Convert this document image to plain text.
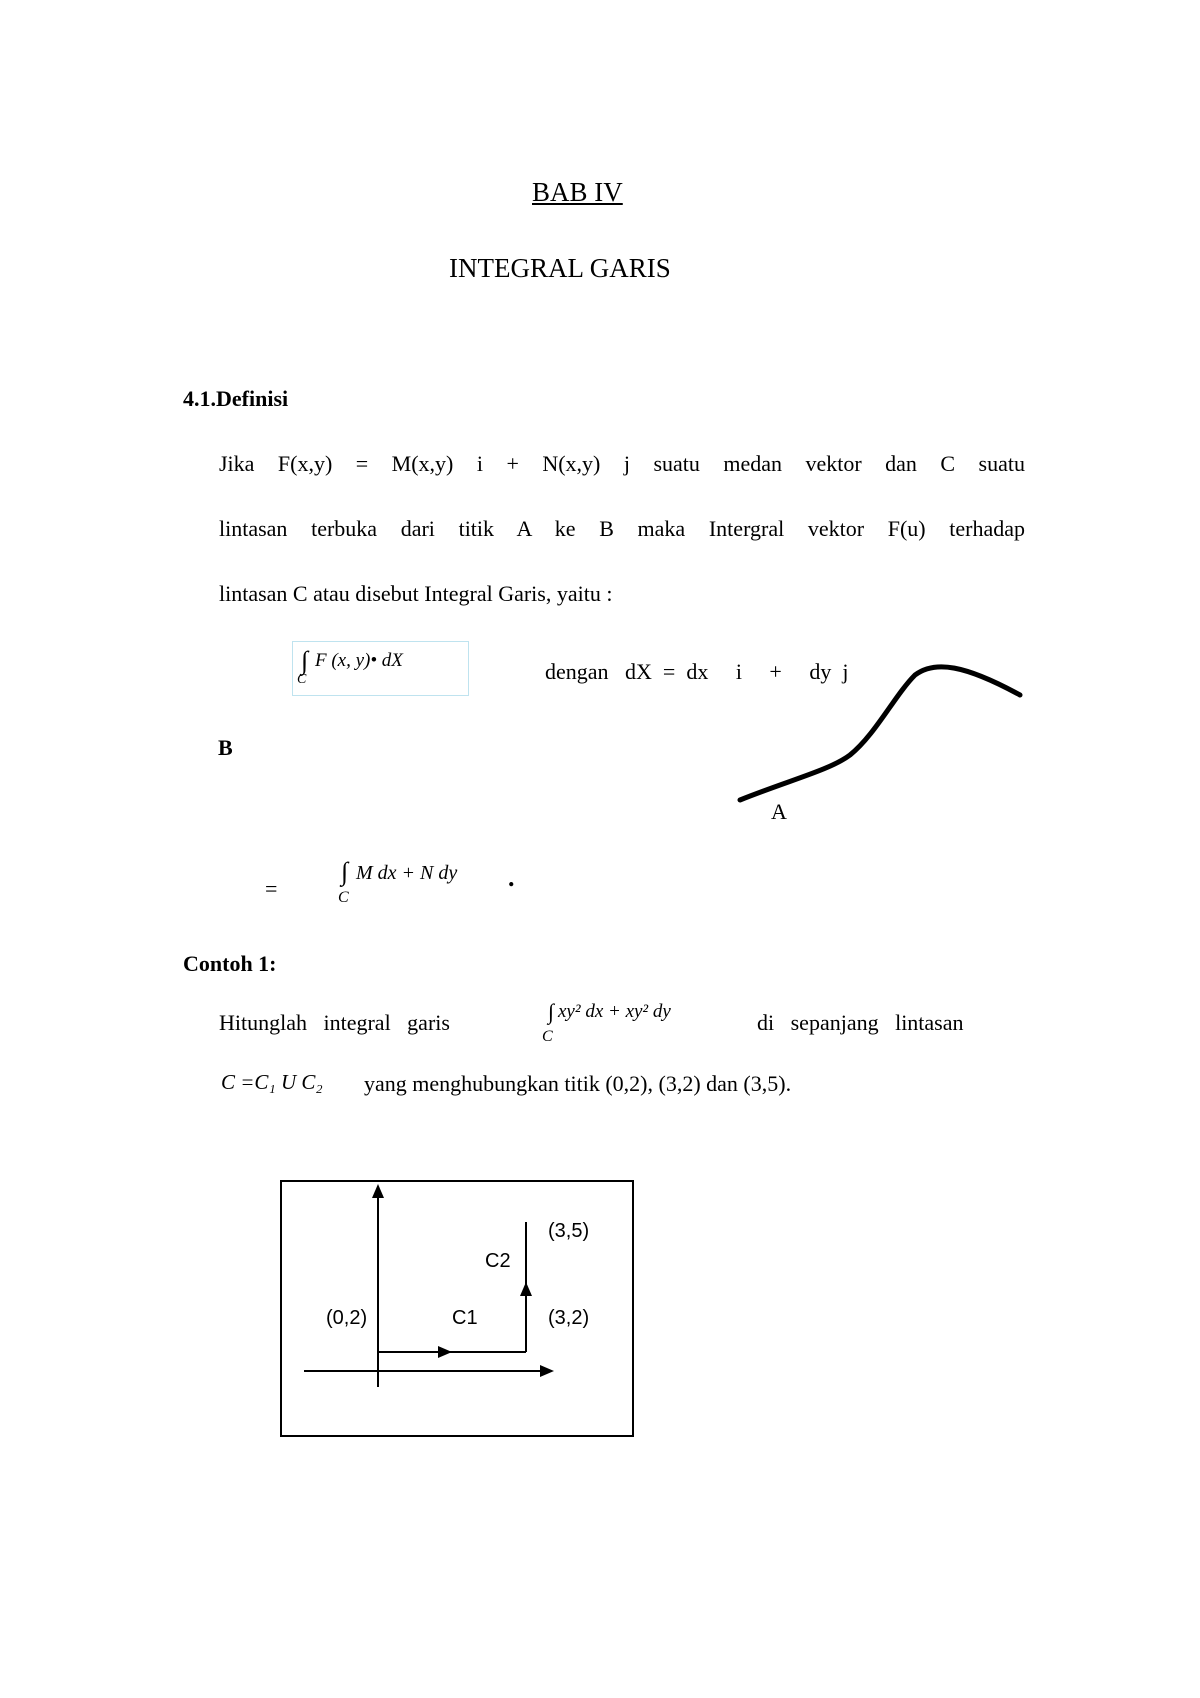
BAB IV
INTEGRAL GARIS
4.1.Definisi
Jika F(x,y) = M(x,y) i + N(x,y) j suatu medan vektor dan C suatu
lintasan terbuka dari titik A ke B maka Intergral vektor F(u) terhadap
lintasan C atau disebut Integral Garis, yaitu :
∫ F (x, y)• dX
C	dengan   dX  =  dx     i     +     dy  j
B
A
=
∫ M dx + N dy
C
.
Contoh 1:
Hitunglah   integral   garis	∫ xy² dx + xy² dy
C
di   sepanjang   lintasan
C =C₁ U C₂ yang menghubungkan titik (0,2), (3,2) dan (3,5).
(3,5)
C2
(0,2)	C1	(3,2)
